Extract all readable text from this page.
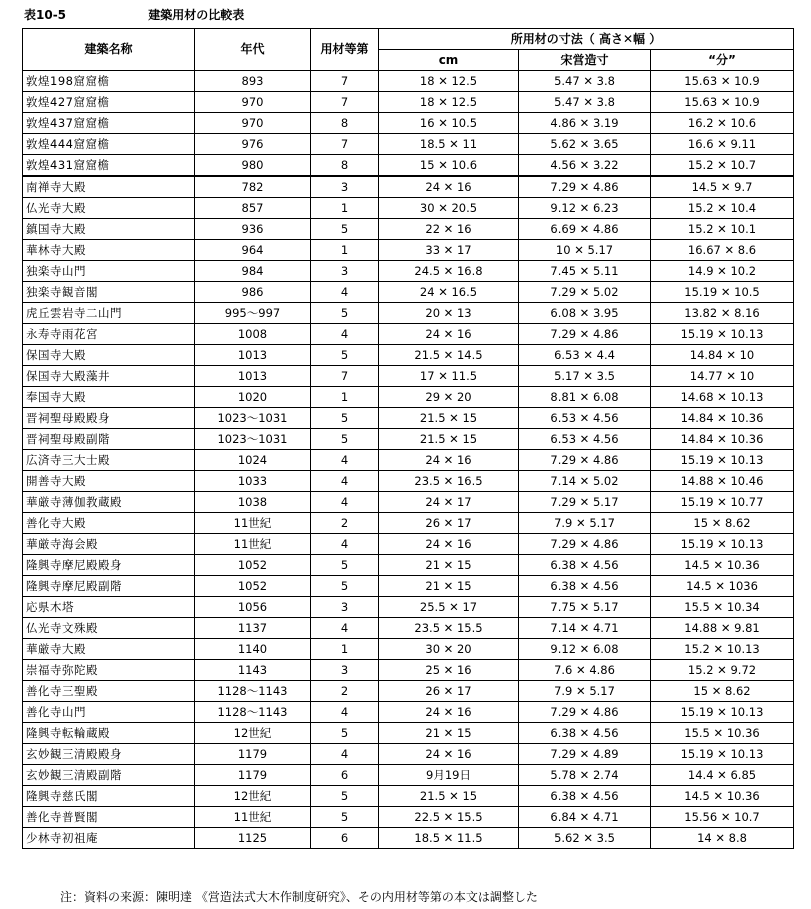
表10-5	建築用材の比較表
建築名称	年代	用材等第	所用材の寸法（ 高さ✕幅 ）		
			cm	宋営造寸	“分”
敦煌198窟窟檐	893	7	18 ✕ 12.5	5.47 ✕ 3.8	15.63 ✕ 10.9
敦煌427窟窟檐	970	7	18 ✕ 12.5	5.47 ✕ 3.8	15.63 ✕ 10.9
敦煌437窟窟檐	970	8	16 ✕ 10.5	4.86 ✕ 3.19	16.2 ✕ 10.6
敦煌444窟窟檐	976	7	18.5 ✕ 11	5.62 ✕ 3.65	16.6 ✕ 9.11
敦煌431窟窟檐	980	8	15 ✕ 10.6	4.56 ✕ 3.22	15.2 ✕ 10.7
南禅寺大殿	782	3	24 ✕ 16	7.29 ✕ 4.86	14.5 ✕ 9.7
仏光寺大殿	857	1	30 ✕ 20.5	9.12 ✕ 6.23	15.2 ✕ 10.4
鎮国寺大殿	936	5	22 ✕ 16	6.69 ✕ 4.86	15.2 ✕ 10.1
華林寺大殿	964	1	33 ✕ 17	10 ✕ 5.17	16.67 ✕ 8.6
独楽寺山門	984	3	24.5 ✕ 16.8	7.45 ✕ 5.11	14.9 ✕ 10.2
独楽寺観音閣	986	4	24 ✕ 16.5	7.29 ✕ 5.02	15.19 ✕ 10.5
虎丘雲岩寺二山門	995～997	5	20 ✕ 13	6.08 ✕ 3.95	13.82 ✕ 8.16
永寿寺雨花宮	1008	4	24 ✕ 16	7.29 ✕ 4.86	15.19 ✕ 10.13
保国寺大殿	1013	5	21.5 ✕ 14.5	6.53 ✕ 4.4	14.84 ✕ 10
保国寺大殿藻井	1013	7	17 ✕ 11.5	5.17 ✕ 3.5	14.77 ✕ 10
奉国寺大殿	1020	1	29 ✕ 20	8.81 ✕ 6.08	14.68 ✕ 10.13
晋祠聖母殿殿身	1023～1031	5	21.5 ✕ 15	6.53 ✕ 4.56	14.84 ✕ 10.36
晋祠聖母殿副階	1023～1031	5	21.5 ✕ 15	6.53 ✕ 4.56	14.84 ✕ 10.36
広済寺三大士殿	1024	4	24 ✕ 16	7.29 ✕ 4.86	15.19 ✕ 10.13
開善寺大殿	1033	4	23.5 ✕ 16.5	7.14 ✕ 5.02	14.88 ✕ 10.46
華厳寺薄伽教蔵殿	1038	4	24 ✕ 17	7.29 ✕ 5.17	15.19 ✕ 10.77
善化寺大殿	11世紀	2	26 ✕ 17	7.9 ✕ 5.17	15 ✕ 8.62
華厳寺海会殿	11世紀	4	24 ✕ 16	7.29 ✕ 4.86	15.19 ✕ 10.13
隆興寺摩尼殿殿身	1052	5	21 ✕ 15	6.38 ✕ 4.56	14.5 ✕ 10.36
隆興寺摩尼殿副階	1052	5	21 ✕ 15	6.38 ✕ 4.56	14.5 ✕ 1036
応県木塔	1056	3	25.5 ✕ 17	7.75 ✕ 5.17	15.5 ✕ 10.34
仏光寺文殊殿	1137	4	23.5 ✕ 15.5	7.14 ✕ 4.71	14.88 ✕ 9.81
華厳寺大殿	1140	1	30 ✕ 20	9.12 ✕ 6.08	15.2 ✕ 10.13
崇福寺弥陀殿	1143	3	25 ✕ 16	7.6 ✕ 4.86	15.2 ✕ 9.72
善化寺三聖殿	1128～1143	2	26 ✕ 17	7.9 ✕ 5.17	15 ✕ 8.62
善化寺山門	1128～1143	4	24 ✕ 16	7.29 ✕ 4.86	15.19 ✕ 10.13
隆興寺転輪蔵殿	12世紀	5	21 ✕ 15	6.38 ✕ 4.56	15.5 ✕ 10.36
玄妙観三清殿殿身	1179	4	24 ✕ 16	7.29 ✕ 4.89	15.19 ✕ 10.13
玄妙観三清殿副階	1179	6	9月19日	5.78 ✕ 2.74	14.4 ✕ 6.85
隆興寺慈氏閣	12世紀	5	21.5 ✕ 15	6.38 ✕ 4.56	14.5 ✕ 10.36
善化寺普賢閣	11世紀	5	22.5 ✕ 15.5	6.84 ✕ 4.71	15.56 ✕ 10.7
少林寺初祖庵	1125	6	18.5 ✕ 11.5	5.62 ✕ 3.5	14 ✕ 8.8
注：資料の来源：陳明達 《営造法式大木作制度研究》、その内用材等第の本文は調整した
